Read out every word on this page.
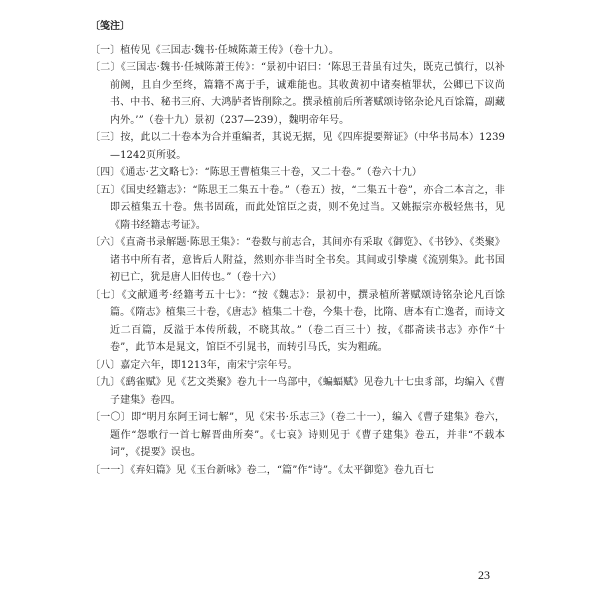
〔笺注〕
〔一〕植传见《三国志·魏书·任城陈萧王传》（卷十九）。
〔二〕《三国志·魏书·任城陈萧王传》：“景初中诏曰：‘陈思王昔虽有过失，既克己慎行，以补前阙，且自少至终，篇籍不离于手，诚难能也。其收黄初中诸奏植罪状，公卿已下议尚书、中书、秘书三府、大鸿胪者皆削除之。撰录植前后所著赋颂诗铭杂论凡百馀篇，副藏内外。’”（卷十九）景初（237—239），魏明帝年号。
〔三〕按，此以二十卷本为合并重编者，其说无据，见《四库提要辩证》（中华书局本）1239—1242页所驳。
〔四〕《通志·艺文略七》：“陈思王曹植集三十卷，又二十卷。”（卷六十九）
〔五〕《国史经籍志》：“陈思王二集五十卷。”（卷五）按，“二集五十卷”，亦合二本言之，非即云植集五十卷。焦书固疏，而此处馆臣之责，则不免过当。又姚振宗亦极轻焦书，见《隋书经籍志考证》。
〔六〕《直斋书录解题·陈思王集》：“卷数与前志合，其间亦有采取《御览》、《书钞》、《类聚》诸书中所有者，意皆后人附益，然则亦非当时全书矣。其间或引挚虞《流别集》。此书国初已亡，犹是唐人旧传也。”（卷十六）
〔七〕《文献通考·经籍考五十七》：“按《魏志》：景初中，撰录植所著赋颂诗铭杂论凡百馀篇。《隋志》植集三十卷，《唐志》植集二十卷，今集十卷，比隋、唐本有亡逸者，而诗文近二百篇，反溢于本传所载，不晓其故。”（卷二百三十）按，《郡斋读书志》亦作“十卷”，此节本是晁文，馆臣不引晁书，而转引马氏，实为粗疏。
〔八〕嘉定六年，即1213年，南宋宁宗年号。
〔九〕《鹞雀赋》见《艺文类聚》卷九十一鸟部中，《蝙蝠赋》见卷九十七虫豸部，均编入《曹子建集》卷四。
〔一〇〕即“明月东阿王词七解”，见《宋书·乐志三》（卷二十一），编入《曹子建集》卷六，题作“怨歌行一首七解晋曲所奏”。《七哀》诗则见于《曹子建集》卷五，并非“不载本词”，《提要》误也。
〔一一〕《弃妇篇》见《玉台新咏》卷二，“篇”作“诗”。《太平御览》卷九百七
23
